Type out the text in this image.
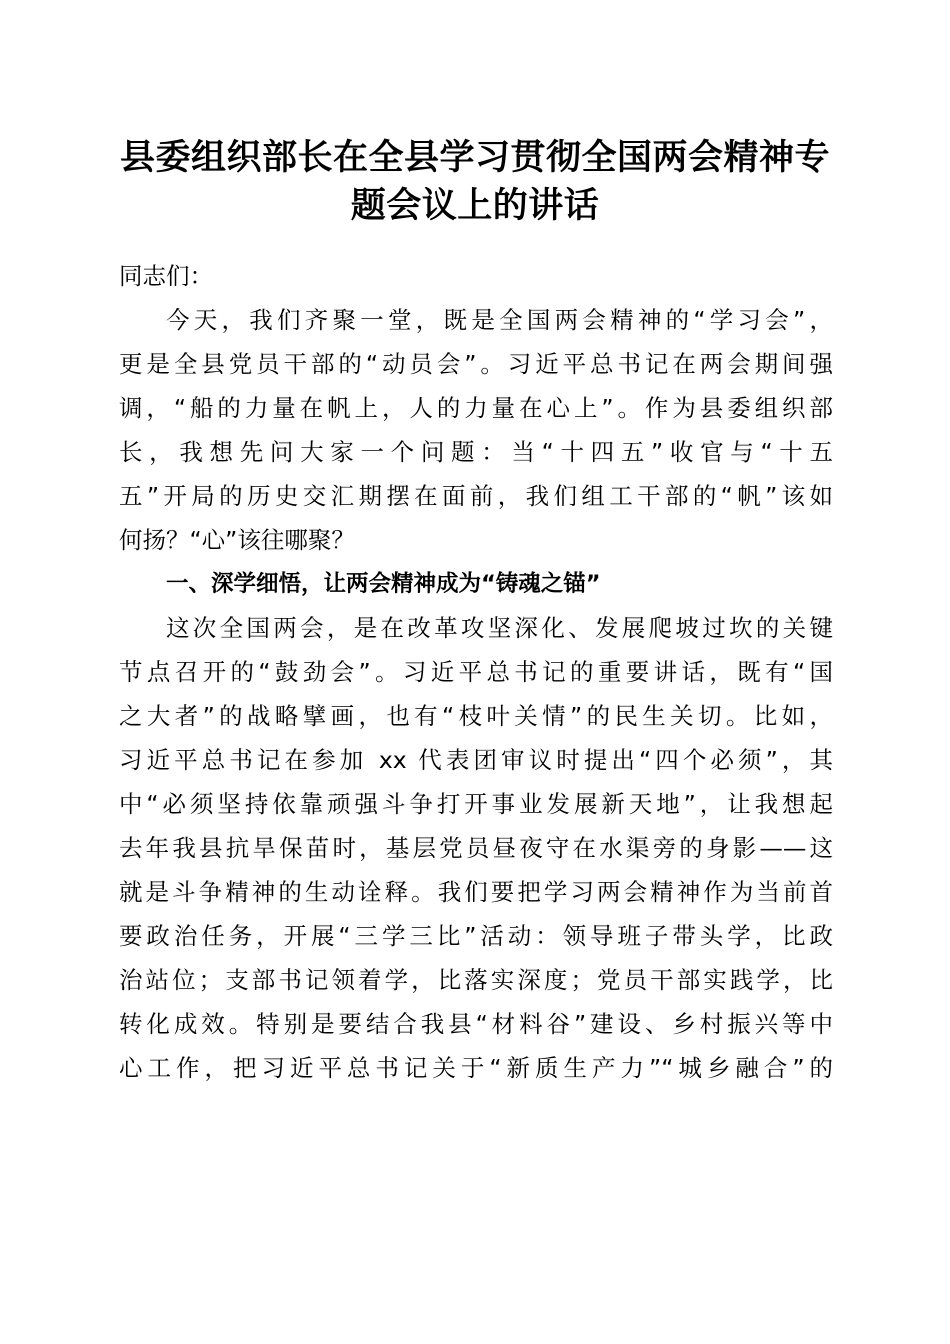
县委组织部长在全县学习贯彻全国两会精神专题会议上的讲话
同志们：
今天，我们齐聚一堂，既是全国两会精神的“学习会”，
更是全县党员干部的“动员会”。习近平总书记在两会期间强
调，“船的力量在帆上，人的力量在心上”。作为县委组织部
长，我想先问大家一个问题：当“十四五”收官与“十五
五”开局的历史交汇期摆在面前，我们组工干部的“帆”该如
何扬？“心”该往哪聚？
一、深学细悟，让两会精神成为“铸魂之锚”
这次全国两会，是在改革攻坚深化、发展爬坡过坎的关键
节点召开的“鼓劲会”。习近平总书记的重要讲话，既有“国
之大者”的战略擘画，也有“枝叶关情”的民生关切。比如，
习近平总书记在参加 xx 代表团审议时提出“四个必须”，其
中“必须坚持依靠顽强斗争打开事业发展新天地”，让我想起
去年我县抗旱保苗时，基层党员昼夜守在水渠旁的身影——这
就是斗争精神的生动诠释。我们要把学习两会精神作为当前首
要政治任务，开展“三学三比”活动：领导班子带头学，比政
治站位；支部书记领着学，比落实深度；党员干部实践学，比
转化成效。特别是要结合我县“材料谷”建设、乡村振兴等中
心工作，把习近平总书记关于“新质生产力”“城乡融合”的
